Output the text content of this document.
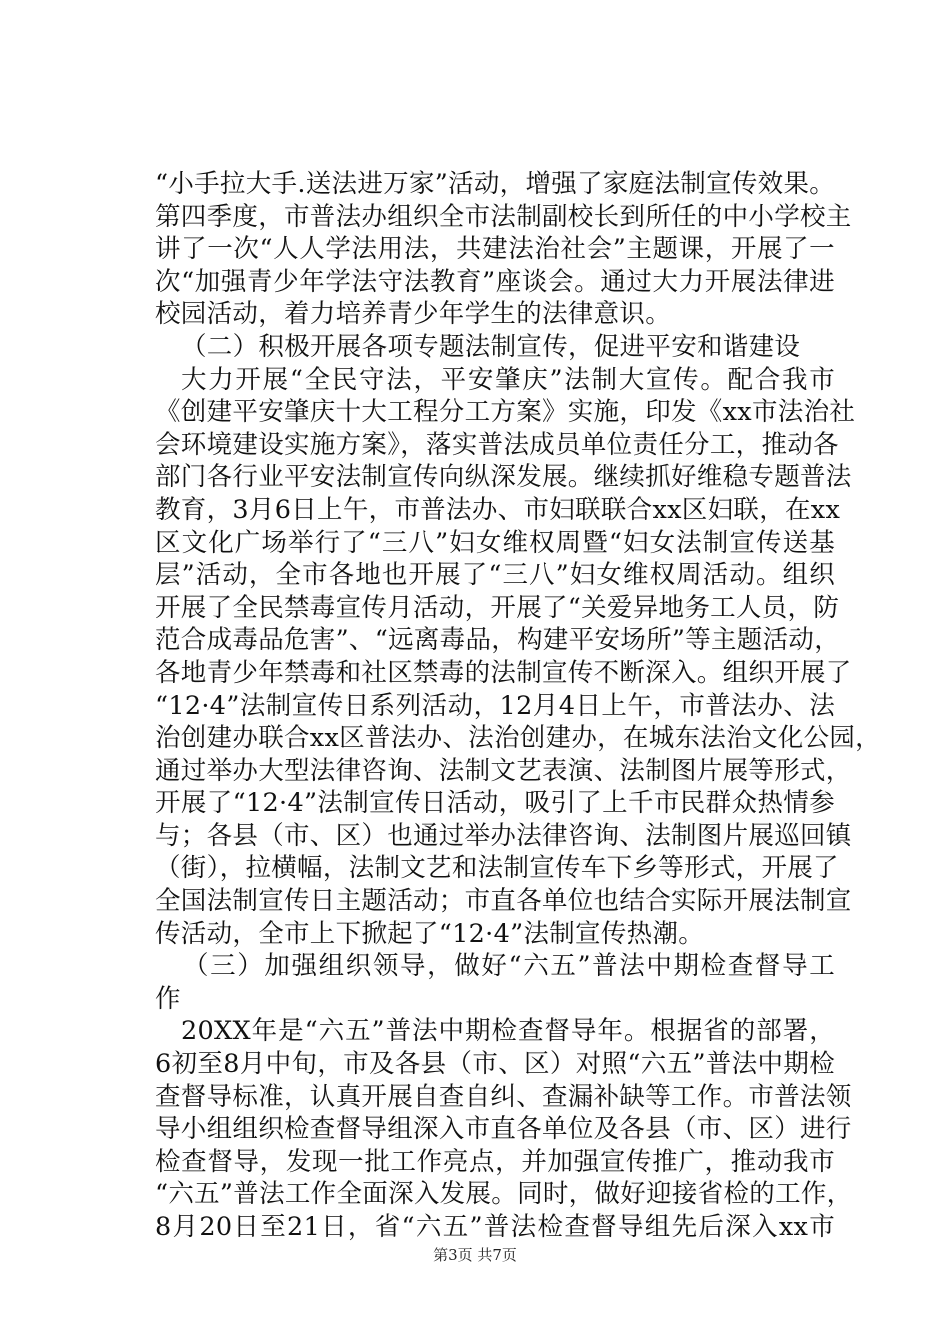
“小手拉大手.送法进万家”活动，增强了家庭法制宣传效果。
第四季度，市普法办组织全市法制副校长到所任的中小学校主
讲了一次“人人学法用法，共建法治社会”主题课，开展了一
次“加强青少年学法守法教育”座谈会。通过大力开展法律进
校园活动，着力培养青少年学生的法律意识。
（二）积极开展各项专题法制宣传，促进平安和谐建设
大力开展“全民守法，平安肇庆”法制大宣传。配合我市
《创建平安肇庆十大工程分工方案》实施，印发《xx市法治社
会环境建设实施方案》，落实普法成员单位责任分工，推动各
部门各行业平安法制宣传向纵深发展。继续抓好维稳专题普法
教育，3月6日上午，市普法办、市妇联联合xx区妇联，在xx
区文化广场举行了“三八”妇女维权周暨“妇女法制宣传送基
层”活动，全市各地也开展了“三八”妇女维权周活动。组织
开展了全民禁毒宣传月活动，开展了“关爱异地务工人员，防
范合成毒品危害”、“远离毒品，构建平安场所”等主题活动，
各地青少年禁毒和社区禁毒的法制宣传不断深入。组织开展了
“12·4”法制宣传日系列活动，12月4日上午，市普法办、法
治创建办联合xx区普法办、法治创建办，在城东法治文化公园，
通过举办大型法律咨询、法制文艺表演、法制图片展等形式，
开展了“12·4”法制宣传日活动，吸引了上千市民群众热情参
与；各县（市、区）也通过举办法律咨询、法制图片展巡回镇
（街），拉横幅，法制文艺和法制宣传车下乡等形式，开展了
全国法制宣传日主题活动；市直各单位也结合实际开展法制宣
传活动，全市上下掀起了“12·4”法制宣传热潮。
（三）加强组织领导，做好“六五”普法中期检查督导工
作
20XX年是“六五”普法中期检查督导年。根据省的部署，
6初至8月中旬，市及各县（市、区）对照“六五”普法中期检
查督导标准，认真开展自查自纠、查漏补缺等工作。市普法领
导小组组织检查督导组深入市直各单位及各县（市、区）进行
检查督导，发现一批工作亮点，并加强宣传推广，推动我市
“六五”普法工作全面深入发展。同时，做好迎接省检的工作，
8月20日至21日，省“六五”普法检查督导组先后深入xx市
第3页 共7页
